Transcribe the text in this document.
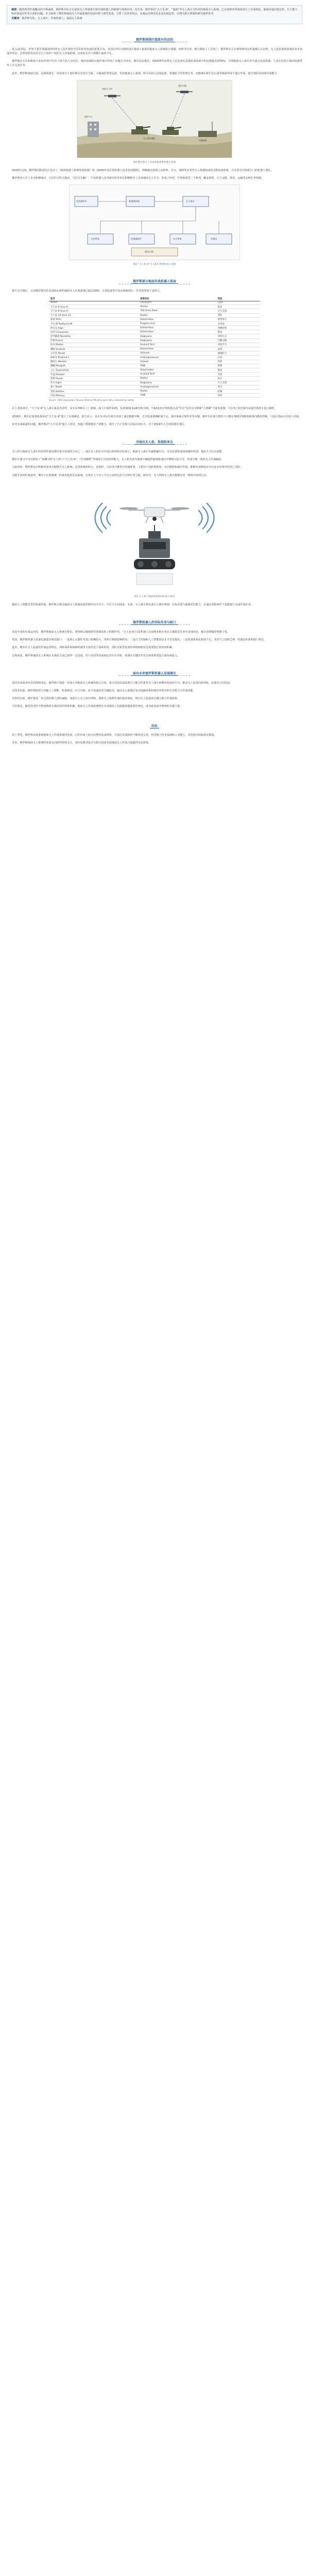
摘要：随着新型作战概念的不断涌现，俄罗斯军队正在加快无人驾驶战车和作战机器人的研制与部署步伐。近年来，俄罗斯以“天王星-9”、“旋涡”等无人战车为代表的地面无人系统，已在叙利亚等战场进行了实战检验，暴露出通信稳定性、自主能力和环境适应性等方面的问题。本文梳理了俄罗斯地面无人作战系统的发展历程与典型装备，分析了其技术特点、实战运用情况及未来发展趋势，以期为相关领域的研究提供参考。
关键词：俄罗斯军队；无人战车；作战机器人；地面无人系统
俄罗斯研制打造战车的动因

进入21世纪，世界主要军事强国纷纷将无人化作战作为军队转型发展的重要方向。美国在伊拉克和阿富汗战场大量使用地面无人系统执行排爆、侦察等任务，极大降低了人员伤亡。俄罗斯军方在观察研究这些战例后认识到，无人化装备将深刻改变未来战争形态，必须加快发展具有自主知识产权的无人作战系统，以弥补在兵力规模方面的不足。

俄罗斯在车臣和格鲁吉亚的冲突中付出了较大的人员代价，城市巷战和山地作战中的伤亡问题尤为突出。俄军高层提出，到2025年前将无人化装备在武器装备体系中的比例提高到30%，并将地面无人战车作为重点发展领域，力求在危险区域以机器替代士兵完成任务。

此外，俄罗斯地域辽阔、边境线漫长，仅依靠有人部队难以实现全天候、全地域的警戒巡逻。发展地面无人系统，既可以执行边境巡逻、要地防卫等常规任务，也能够在核生化污染等极端环境下遂行作战，提升部队的持续作战能力。

指挥中心
侦察无人机
通信中继
无人战车编队
后勤保障
图1 俄罗斯无人作战系统体系构想示意图

2020年以来，俄罗斯国防部先后发布了《地面机器人系统发展构想》和《2030年前军用机器人技术发展纲要》，明确提出要建立由侦察、打击、保障等多类型无人系统构成的完整装备体系，并在各军区组建专门的机器人部队。

俄罗斯各大军工企业积极响应，卡拉什尼科夫集团、乌拉尔车辆厂、中央机器人技术研究所等单位相继推出了多款地面无人平台，形成了轻型、中型和重型三个系列，覆盖侦察、火力支援、排雷、运输等多种任务领域。

遥控指挥车	数据链终端	无人战车
火控系统	传感器组件	动力系统	武器站
通信天线
图2 “天王星-9”无人战车系统组成示意图
俄罗斯部分地面作战机器人装备

据不完全统计，目前俄罗斯军队装备和在研的地面无人作战系统已超过20种，主要装备型号及其研制单位、任务类型如下表所示。

型号	研制单位	类型
Model	Developer	Type
天王星-6 Uran-6	Rostec	排雷
天王星-9 Uran-9	765 Arms Plant	火力支援
天王星-14 Uran-14	Rostec	消防
旋涡 Vikhr	Kalashnikov	重型战车
平台-M Platforma-M	Progress Inst.	多用途
阿尔戈 Argo	Kalashnikov	两栖侦察
同伴 Companion	Kalashnikov	警戒
涅列赫塔 Nerekhta	Degtyarev	侦察打击
信使 Kuryer	Degtyarev	后勤运输
标识 Marker	Android Tech	试验平台
鹰眼 Soratnik	Kalashnikov	巡逻
守护者 Strazh	Izhmash	要地防卫
探索者 Prokhod-1	Uralvagonzavod	扫雷
德国人 Nemets	Izhevsk	侦察
猫鼬 Mangust	TsNII	排爆
卫士 Zashchitnik	Kalashnikov	警戒
罗盘 Kompas	Android Tech	导航
盾牌 Shchit	Rostec	防护
烈火 Ogon	Degtyarev	火力支援
战士 Boets	Uralvagonzavod	突击
堡垒 Bastion	Rostec	防御
闪电 Molniya	TsNII	侦察
Source: CNA Corporation; Russian Defense Ministry open data, compiled by author

在上述装备中，“天王星-9”无人战车最具代表性。该车由765兵工厂研制，战斗全重约12吨，装备30毫米2A72机关炮、7.62毫米并列机枪以及“攻击”反坦克导弹和“大黄蜂”火箭发射器，可在3公里范围内由遥控指挥车进行操控。

2018年，俄军在叙利亚战场对“天王星-9”进行了实战测试。报告显示，该车在实际作战中出现了通信链路中断、光学设备探测距离不足、悬挂系统可靠性差等问题，操作员在部分情况下只能在300至500米距离内维持控制，与设计指标存在较大差距。

针对实战暴露的问题，俄罗斯对“天王星-9”进行了改进，加强了数据链抗干扰能力，提升了自主导航与目标识别水平，并于2019年正式列装俄军部队。

对抽出无人机、系统和单兵

无人机与地面无人战车的协同作战是俄军重点发展的方向之一。通过无人机在空中进行侦察和目标指示，地面无人战车实施精确打击，可以显著拓展战场感知范围，提高火力打击效能。

俄军在演习中多次检验了“海鹰-10”无人机与“天王星-9”、“涅列赫塔”等地面平台的协同能力，无人机负责为地面车辆提供超视距通信中继和目标引导，形成空地一体的无人作战编组。

与此同时，俄罗斯还在积极发展单兵便携式无人系统。这类系统体积小、重量轻，可由单兵携带并快速部署，主要用于近距离侦察、室内搜索和城市作战，能够有效降低步兵在复杂环境中的伤亡风险。

为提升协同作战效率，俄军正在构建统一的战术指挥信息系统，实现有人与无人平台之间的信息共享和任务分配，使单兵、无人机和无人战车能够在同一网络中协调行动。

图3 无人机与地面系统协同作战示意图

随着人工智能技术的快速发展，俄罗斯正推动地面无人系统由遥控操作向半自主、全自主方向演进。未来，无人战车将具备自主路径规划、目标识别与威胁评估能力，在通信受限条件下也能独立完成作战任务。

俄罗斯机器人的实际作用与缺口

从近年来的实战运用看，俄罗斯地面无人系统在排雷、侦察和后勤保障等领域发挥了积极作用。“天王星-6”扫雷机器人在叙利亚帕尔米拉古城排雷任务中表现出色，累计清理爆炸物数千枚。

然而，俄罗斯机器人装备也暴露出明显缺口：一是核心元器件对进口依赖较大，受西方制裁影响明显；二是自主控制和人工智能算法水平有待提高；三是装备体系化程度不足，各型号之间缺乏统一的通信标准和接口规范。

此外，俄军在无人装备的作战运用理论、训练体系和保障机制等方面仍处于探索阶段，部队对新型装备的掌握和使用还需要较长的时间积累。

总体来看，俄罗斯地面无人系统在实战化方面已取得一定进展，但与美国等国家相比仍存在差距，需要在关键技术攻关和体系建设方面持续投入。

面向未来俄罗斯机器人发展建议

面对未来战争形态的深刻变化，俄罗斯计划进一步加大对地面无人系统的投入力度，重点发展具备高度自主能力的重型无人战车和模块化通用平台，推动无人装备向系列化、标准化方向发展。

在技术层面，俄罗斯将着力突破人工智能、机器视觉、自主导航、抗干扰通信等关键技术，提高无人系统在复杂电磁环境和城市环境中的生存能力与作战效能。

在组织层面，俄军将进一步完善机器人部队编制，加强有人无人协同训练，探索无人集群作战的战术战法，推动无人装备真正融入联合作战体系。

可以预见，随着技术的不断成熟和实战经验的持续积累，地面无人作战系统将在未来战场上扮演越来越重要的角色，成为改变战争规则的关键力量。

结论

综上所述，俄罗斯高度重视地面无人作战系统的发展，已经形成了较为完整的装备谱系，并通过实战检验不断改进完善。但受制于技术基础和工业能力，其发展仍面临诸多挑战。

未来，俄罗斯地面无人系统的发展走向值得持续关注，其经验教训也可为相关国家发展地面无人作战力量提供有益借鉴。
